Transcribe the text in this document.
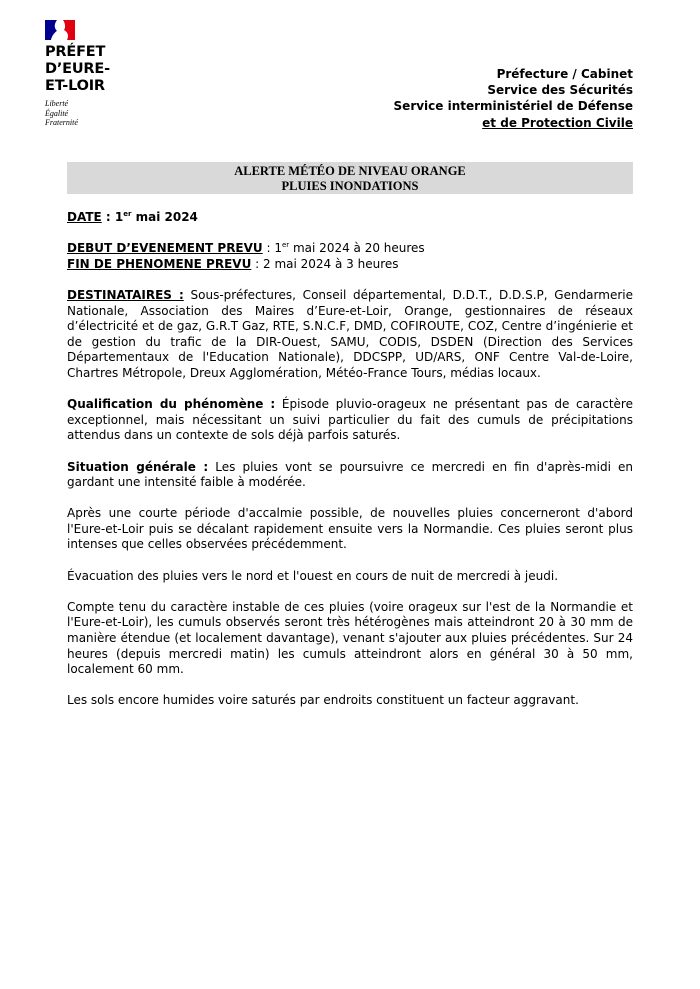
PRÉFET
D’EURE-
ET-LOIR
Liberté
Égalité
Fraternité
Préfecture / Cabinet
Service des Sécurités
Service interministériel de Défense
et de Protection Civile
ALERTE MÉTÉO DE NIVEAU ORANGE
PLUIES INONDATIONS

DATE : 1er mai 2024

DEBUT D’EVENEMENT PREVU : 1er mai 2024 à 20 heures

FIN DE PHENOMENE PREVU : 2 mai 2024 à 3 heures

DESTINATAIRES : Sous-préfectures, Conseil départemental, D.D.T., D.D.S.P, Gendarmerie Nationale, Association des Maires d’Eure-et-Loir, Orange, gestionnaires de réseaux d’électricité et de gaz, G.R.T Gaz, RTE, S.N.C.F, DMD, COFIROUTE, COZ, Centre d’ingénierie et de gestion du trafic de la DIR-Ouest, SAMU, CODIS, DSDEN (Direction des Services Départementaux de l'Education Nationale), DDCSPP, UD/ARS, ONF Centre Val-de-Loire, Chartres Métropole, Dreux Agglomération, Météo-France Tours, médias locaux.

Qualification du phénomène : Épisode pluvio-orageux ne présentant pas de caractère exceptionnel, mais nécessitant un suivi particulier du fait des cumuls de précipitations attendus dans un contexte de sols déjà parfois saturés.

Situation générale : Les pluies vont se poursuivre ce mercredi en fin d'après-midi en gardant une intensité faible à modérée.

Après une courte période d'accalmie possible, de nouvelles pluies concerneront d'abord l'Eure-et-Loir puis se décalant rapidement ensuite vers la Normandie. Ces pluies seront plus intenses que celles observées précédemment.

Évacuation des pluies vers le nord et l'ouest en cours de nuit de mercredi à jeudi.

Compte tenu du caractère instable de ces pluies (voire orageux sur l'est de la Normandie et l'Eure-et-Loir), les cumuls observés seront très hétérogènes mais atteindront 20 à 30 mm de manière étendue (et localement davantage), venant s'ajouter aux pluies précédentes. Sur 24 heures (depuis mercredi matin) les cumuls atteindront alors en général 30 à 50 mm, localement 60 mm.

Les sols encore humides voire saturés par endroits constituent un facteur aggravant.
